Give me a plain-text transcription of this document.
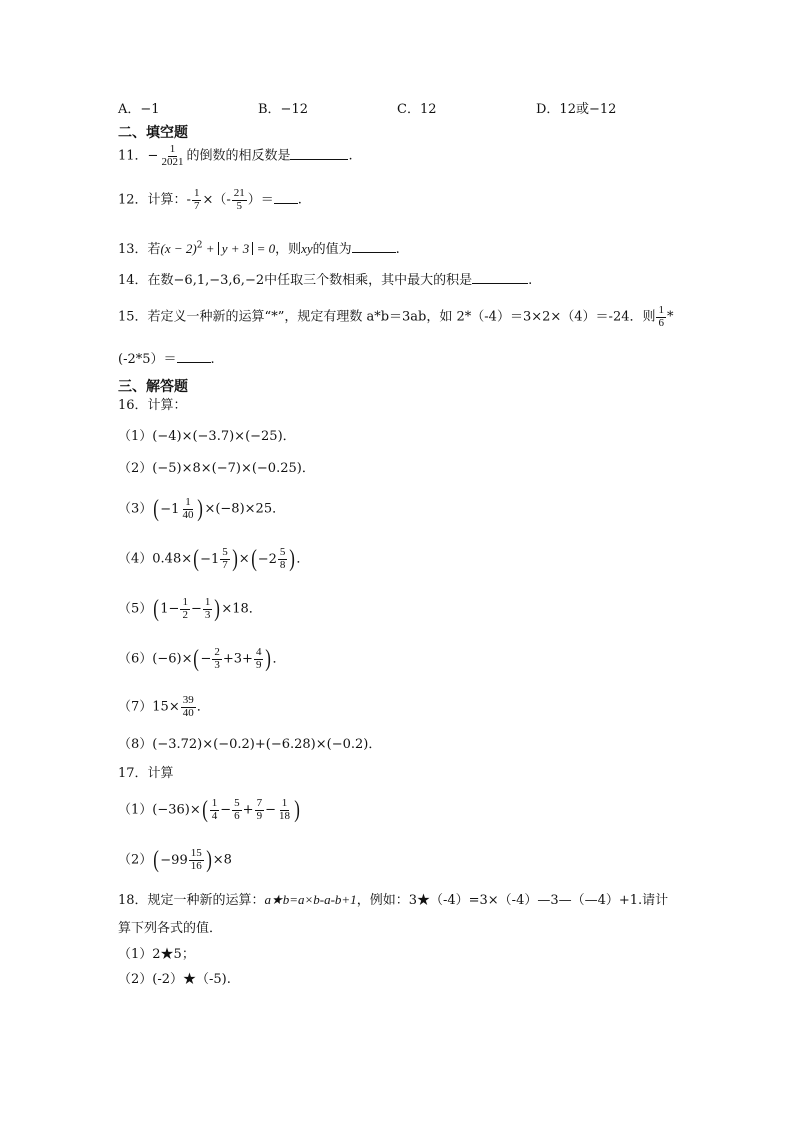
A．−1	B．−12	C．12	D．12或−12
二、填空题
11．− $\frac{1}{2021}$ 的倒数的相反数是	.
12．计算：- $\frac{1}{7}$ ×（- $\frac{21}{5}$ ）＝ .
13．若$(x - 2)^2 + y + 3 = 0$，则xy的值为	.
14．在数−6,1,−3,6,−2中任取三个数相乘，其中最大的积是	.
15．若定义一种新的运算“*”，规定有理数 a*b＝3ab，如 2*（-4）＝3×2×（4）＝-24．则 $\frac{1}{6}$ *
(-2*5）＝	.
三、解答题
16．计算：
（1）(−4)×(−3.7)×(−25)．
（2）(−5)×8×(−7)×(−0.25)．
$(3)( -1 \frac{1}{40} )\times(-8)\times 25$．
$(4)0.48\times( -1 \frac{5}{7}$ )×( $-2 \frac{5}{8}$ )．
$(5)(1- \frac{1}{2} - \frac{1}{3} )\times 18$．
$(6)(-6)\times(- \frac{2}{3} +3+ \frac{4}{9}$ )．
$(7)15\times \frac{39}{40}$ ．
（8）(−3.72)×(−0.2)+(−6.28)×(−0.2)．
17．计算
$(1)(-36)\times( \frac{1}{4} - \frac{5}{6} + \frac{7}{9} - \frac{1}{18}$ )
$(2)( -99 \frac{15}{16} )\times 8$
18．规定一种新的运算：a★b=a×b-a-b+1，例如：3★（-4）=3×（-4）—3—（—4）+1.请计
算下列各式的值．
（1）2★5；
（2）(-2）★（-5).
